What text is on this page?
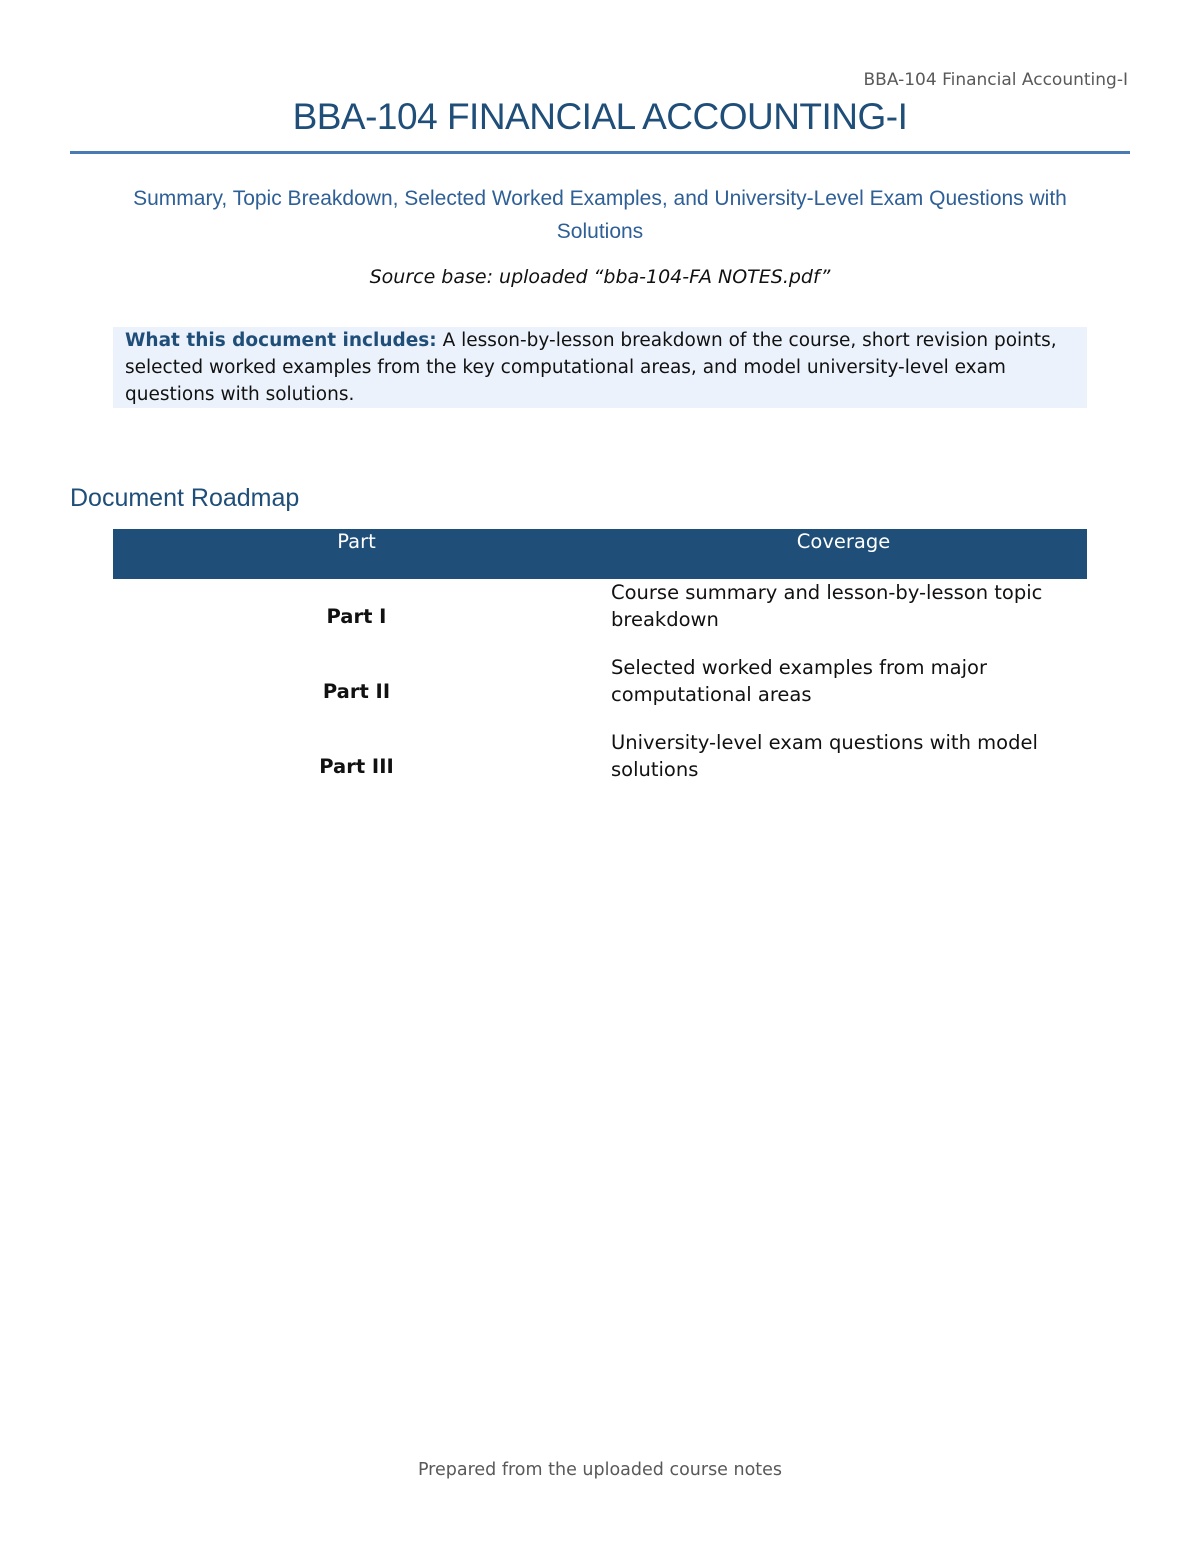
BBA-104 Financial Accounting-I
BBA-104 FINANCIAL ACCOUNTING-I
Summary, Topic Breakdown, Selected Worked Examples, and University-Level Exam Questions with Solutions
Source base: uploaded “bba-104-FA NOTES.pdf”
What this document includes: A lesson-by-lesson breakdown of the course, short revision points, selected worked examples from the key computational areas, and model university-level exam questions with solutions.
Document Roadmap
Part	Coverage
Part I	Course summary and lesson-by-lesson topic breakdown
Part II	Selected worked examples from major computational areas
Part III	University-level exam questions with model solutions
Prepared from the uploaded course notes
